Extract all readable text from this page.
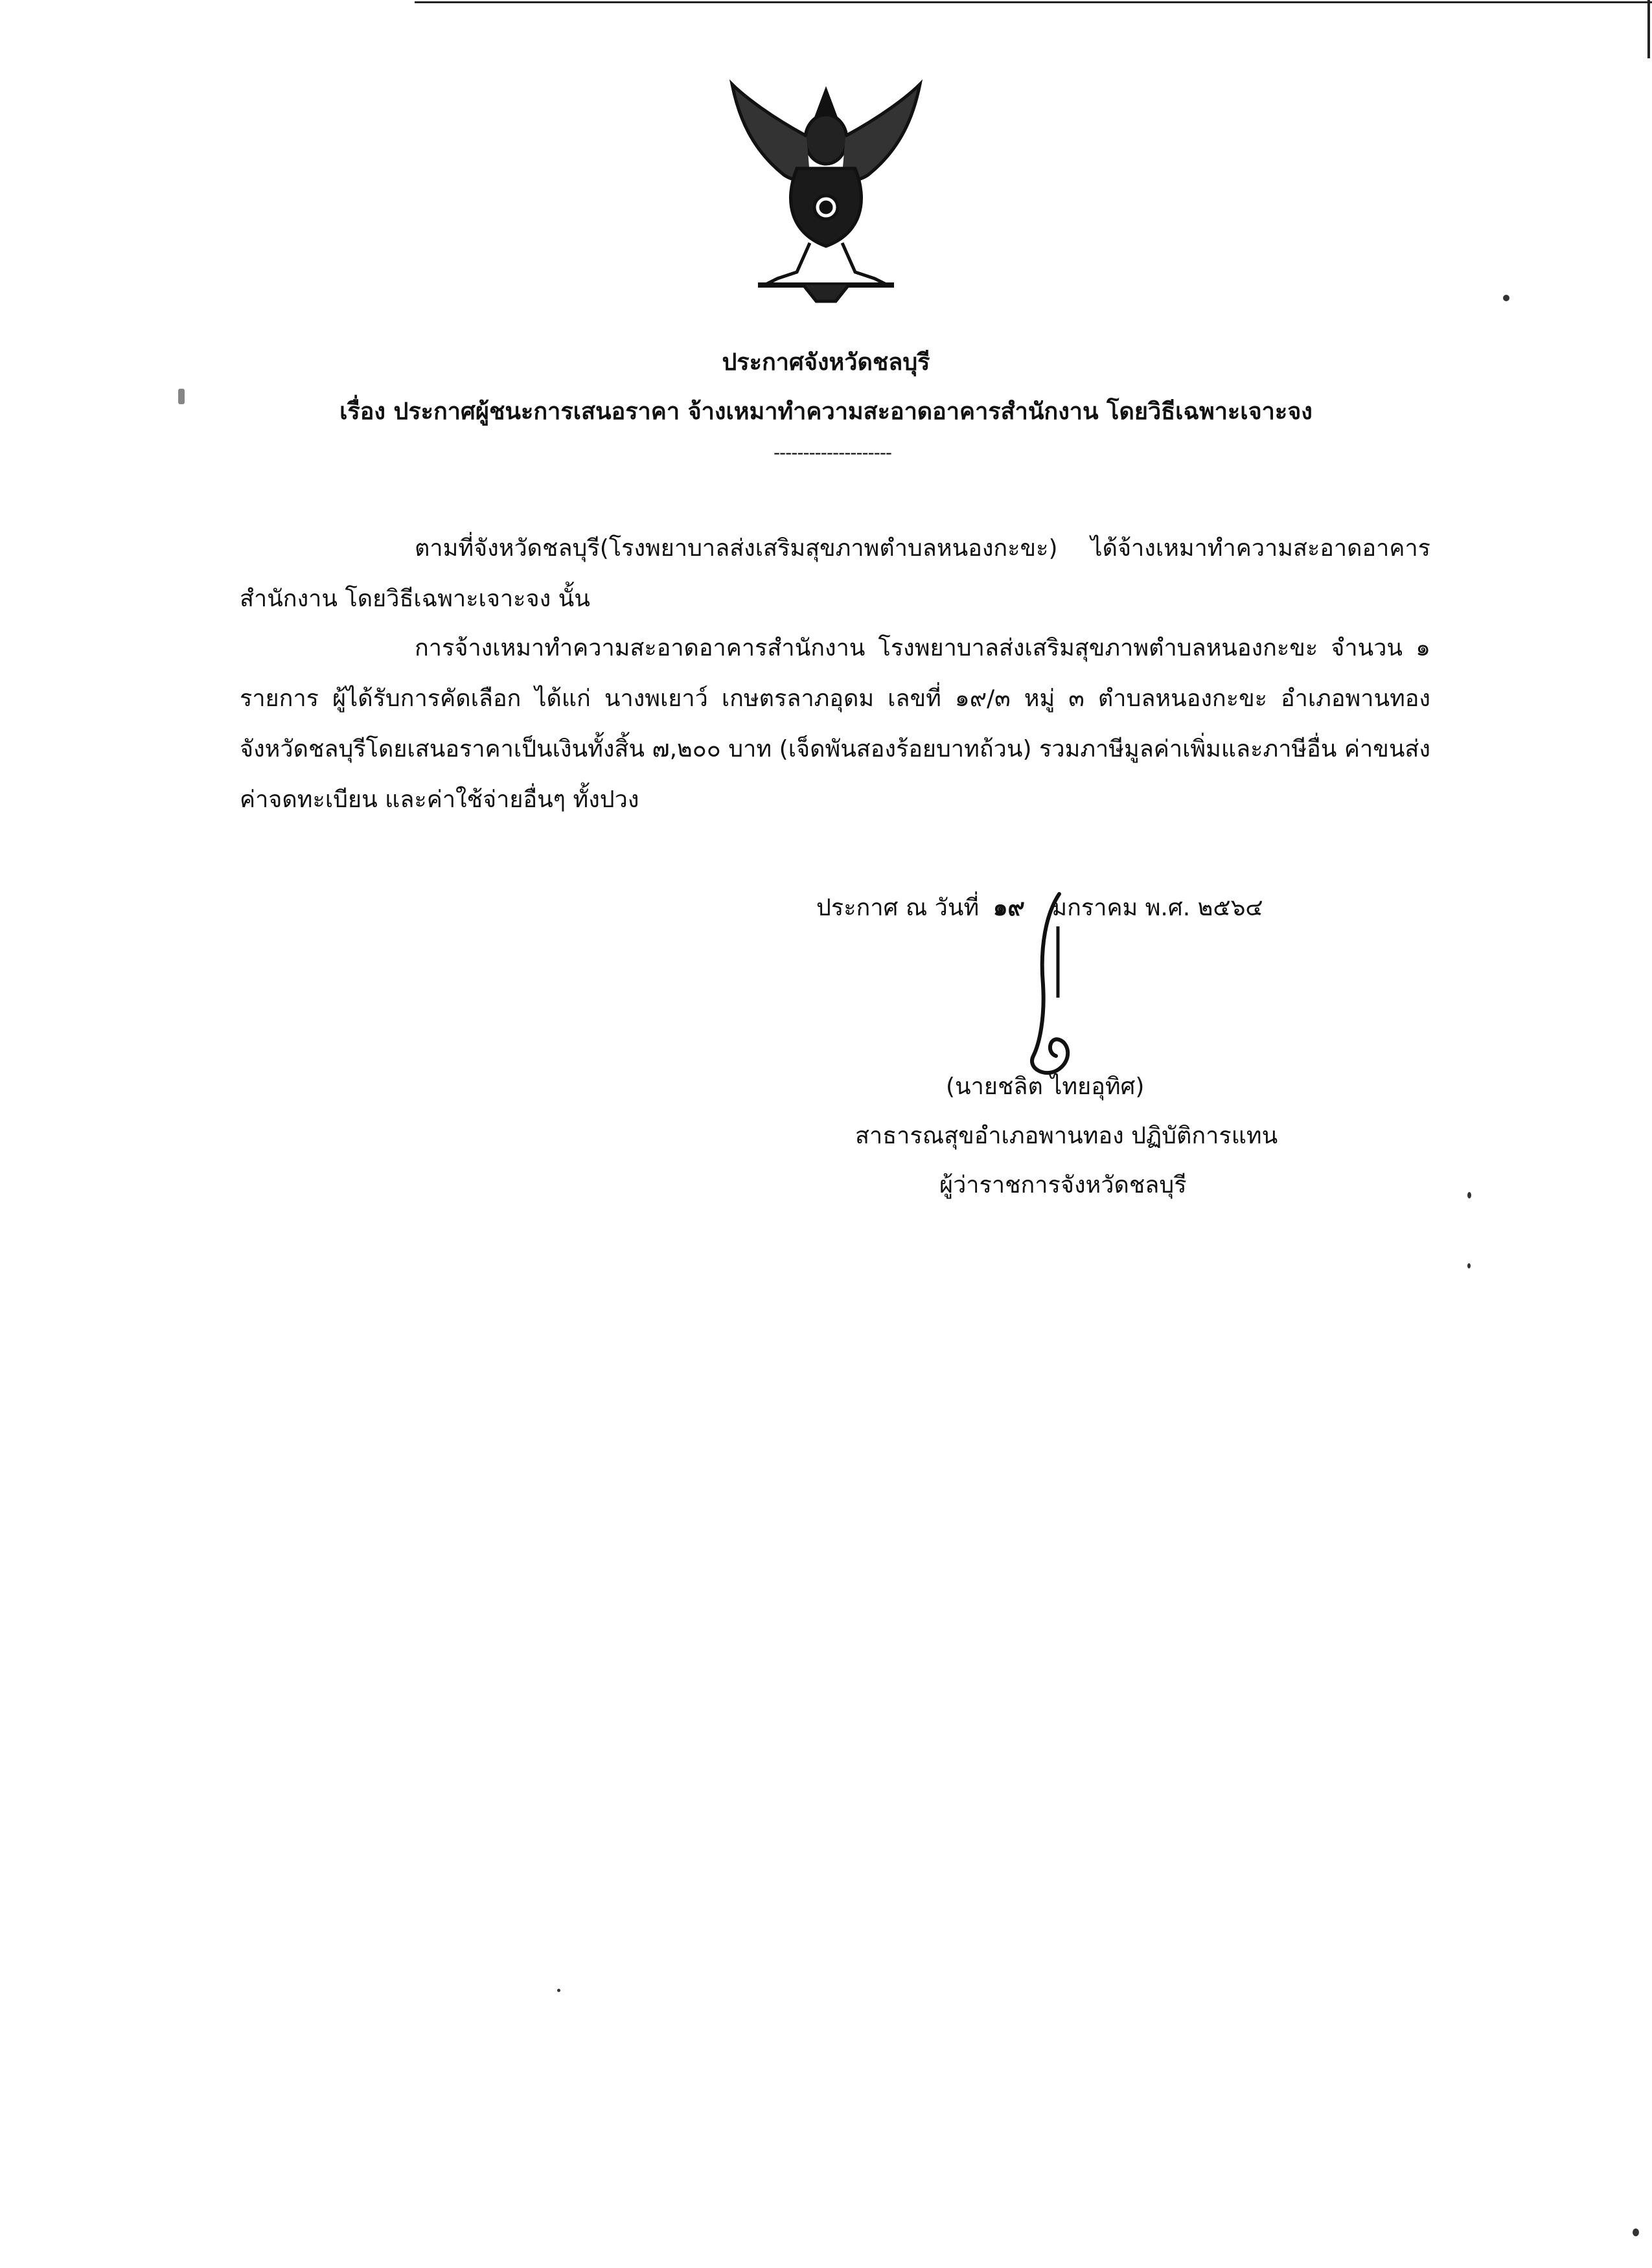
ประกาศจังหวัดชลบุรี
เรื่อง ประกาศผู้ชนะการเสนอราคา จ้างเหมาทำความสะอาดอาคารสำนักงาน โดยวิธีเฉพาะเจาะจง
--------------------
ตามที่จังหวัดชลบุรี(โรงพยาบาลส่งเสริมสุขภาพตำบลหนองกะขะ) ได้จ้างเหมาทำความสะอาดอาคารสำนักงาน โดยวิธีเฉพาะเจาะจง นั้น
การจ้างเหมาทำความสะอาดอาคารสำนักงาน โรงพยาบาลส่งเสริมสุขภาพตำบลหนองกะขะ จำนวน ๑ รายการ ผู้ได้รับการคัดเลือก ได้แก่ นางพเยาว์ เกษตรลาภอุดม เลขที่ ๑๙/๓ หมู่ ๓ ตำบลหนองกะขะ อำเภอพานทอง จังหวัดชลบุรีโดยเสนอราคาเป็นเงินทั้งสิ้น ๗,๒๐๐ บาท (เจ็ดพันสองร้อยบาทถ้วน) รวมภาษีมูลค่าเพิ่มและภาษีอื่น ค่าขนส่ง ค่าจดทะเบียน และค่าใช้จ่ายอื่นๆ ทั้งปวง
ประกาศ ณ วันที่ ๑๙ มกราคม พ.ศ. ๒๕๖๔
(นายชลิต ไทยอุทิศ)
สาธารณสุขอำเภอพานทอง ปฏิบัติการแทน
ผู้ว่าราชการจังหวัดชลบุรี
